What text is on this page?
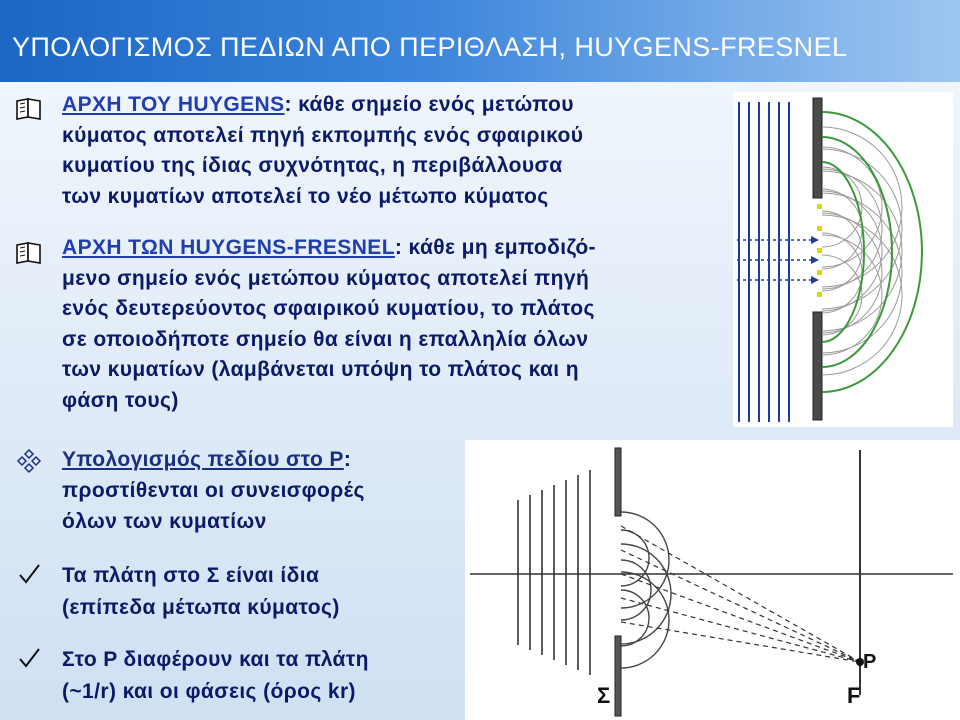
ΥΠΟΛΟΓΙΣΜΟΣ ΠΕΔΙΩΝ ΑΠΟ ΠΕΡΙΘΛΑΣΗ, HUYGENS-FRESNEL
ΑΡΧΗ ΤΟΥ HUYGENS: κάθε σημείο ενός μετώπου
κύματος αποτελεί πηγή εκπομπής ενός σφαιρικού
κυματίου της ίδιας συχνότητας, η περιβάλλουσα
των κυματίων αποτελεί το νέο μέτωπο κύματος
ΑΡΧΗ ΤΩΝ HUYGENS-FRESNEL: κάθε μη εμποδιζό-
μενο σημείο ενός μετώπου κύματος αποτελεί πηγή
ενός δευτερεύοντος σφαιρικού κυματίου, το πλάτος
σε οποιοδήποτε σημείο θα είναι η επαλληλία όλων
των κυματίων (λαμβάνεται υπόψη το πλάτος και η
φάση τους)
Υπολογισμός πεδίου στο P:
προστίθενται οι συνεισφορές
όλων των κυματίων
Τα πλάτη στο Σ είναι ίδια
(επίπεδα μέτωπα κύματος)
Στο P διαφέρουν και τα πλάτη
(~1/r) και οι φάσεις (όρος kr)	Σ
P
F
